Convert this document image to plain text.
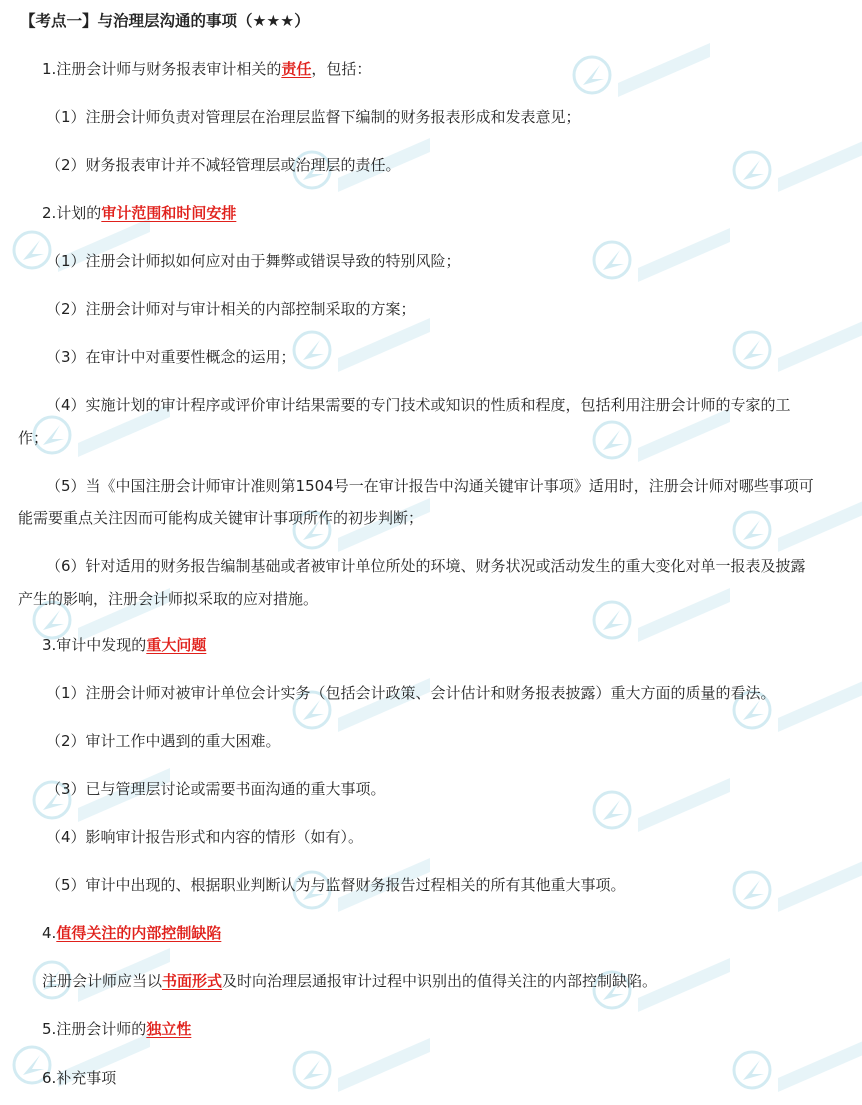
【考点一】与治理层沟通的事项（★★★）
1.注册会计师与财务报表审计相关的责任，包括：
（1）注册会计师负责对管理层在治理层监督下编制的财务报表形成和发表意见；
（2）财务报表审计并不减轻管理层或治理层的责任。
2.计划的审计范围和时间安排
（1）注册会计师拟如何应对由于舞弊或错误导致的特别风险；
（2）注册会计师对与审计相关的内部控制采取的方案；
（3）在审计中对重要性概念的运用；
（4）实施计划的审计程序或评价审计结果需要的专门技术或知识的性质和程度，包括利用注册会计师的专家的工
作；
（5）当《中国注册会计师审计准则第1504号一在审计报告中沟通关键审计事项》适用时，注册会计师对哪些事项可
能需要重点关注因而可能构成关键审计事项所作的初步判断；
（6）针对适用的财务报告编制基础或者被审计单位所处的环境、财务状况或活动发生的重大变化对单一报表及披露
产生的影响，注册会计师拟采取的应对措施。
3.审计中发现的重大问题
（1）注册会计师对被审计单位会计实务（包括会计政策、会计估计和财务报表披露）重大方面的质量的看法。
（2）审计工作中遇到的重大困难。
（3）已与管理层讨论或需要书面沟通的重大事项。
（4）影响审计报告形式和内容的情形（如有）。
（5）审计中出现的、根据职业判断认为与监督财务报告过程相关的所有其他重大事项。
4.值得关注的内部控制缺陷
注册会计师应当以书面形式及时向治理层通报审计过程中识别出的值得关注的内部控制缺陷。
5.注册会计师的独立性
6.补充事项
